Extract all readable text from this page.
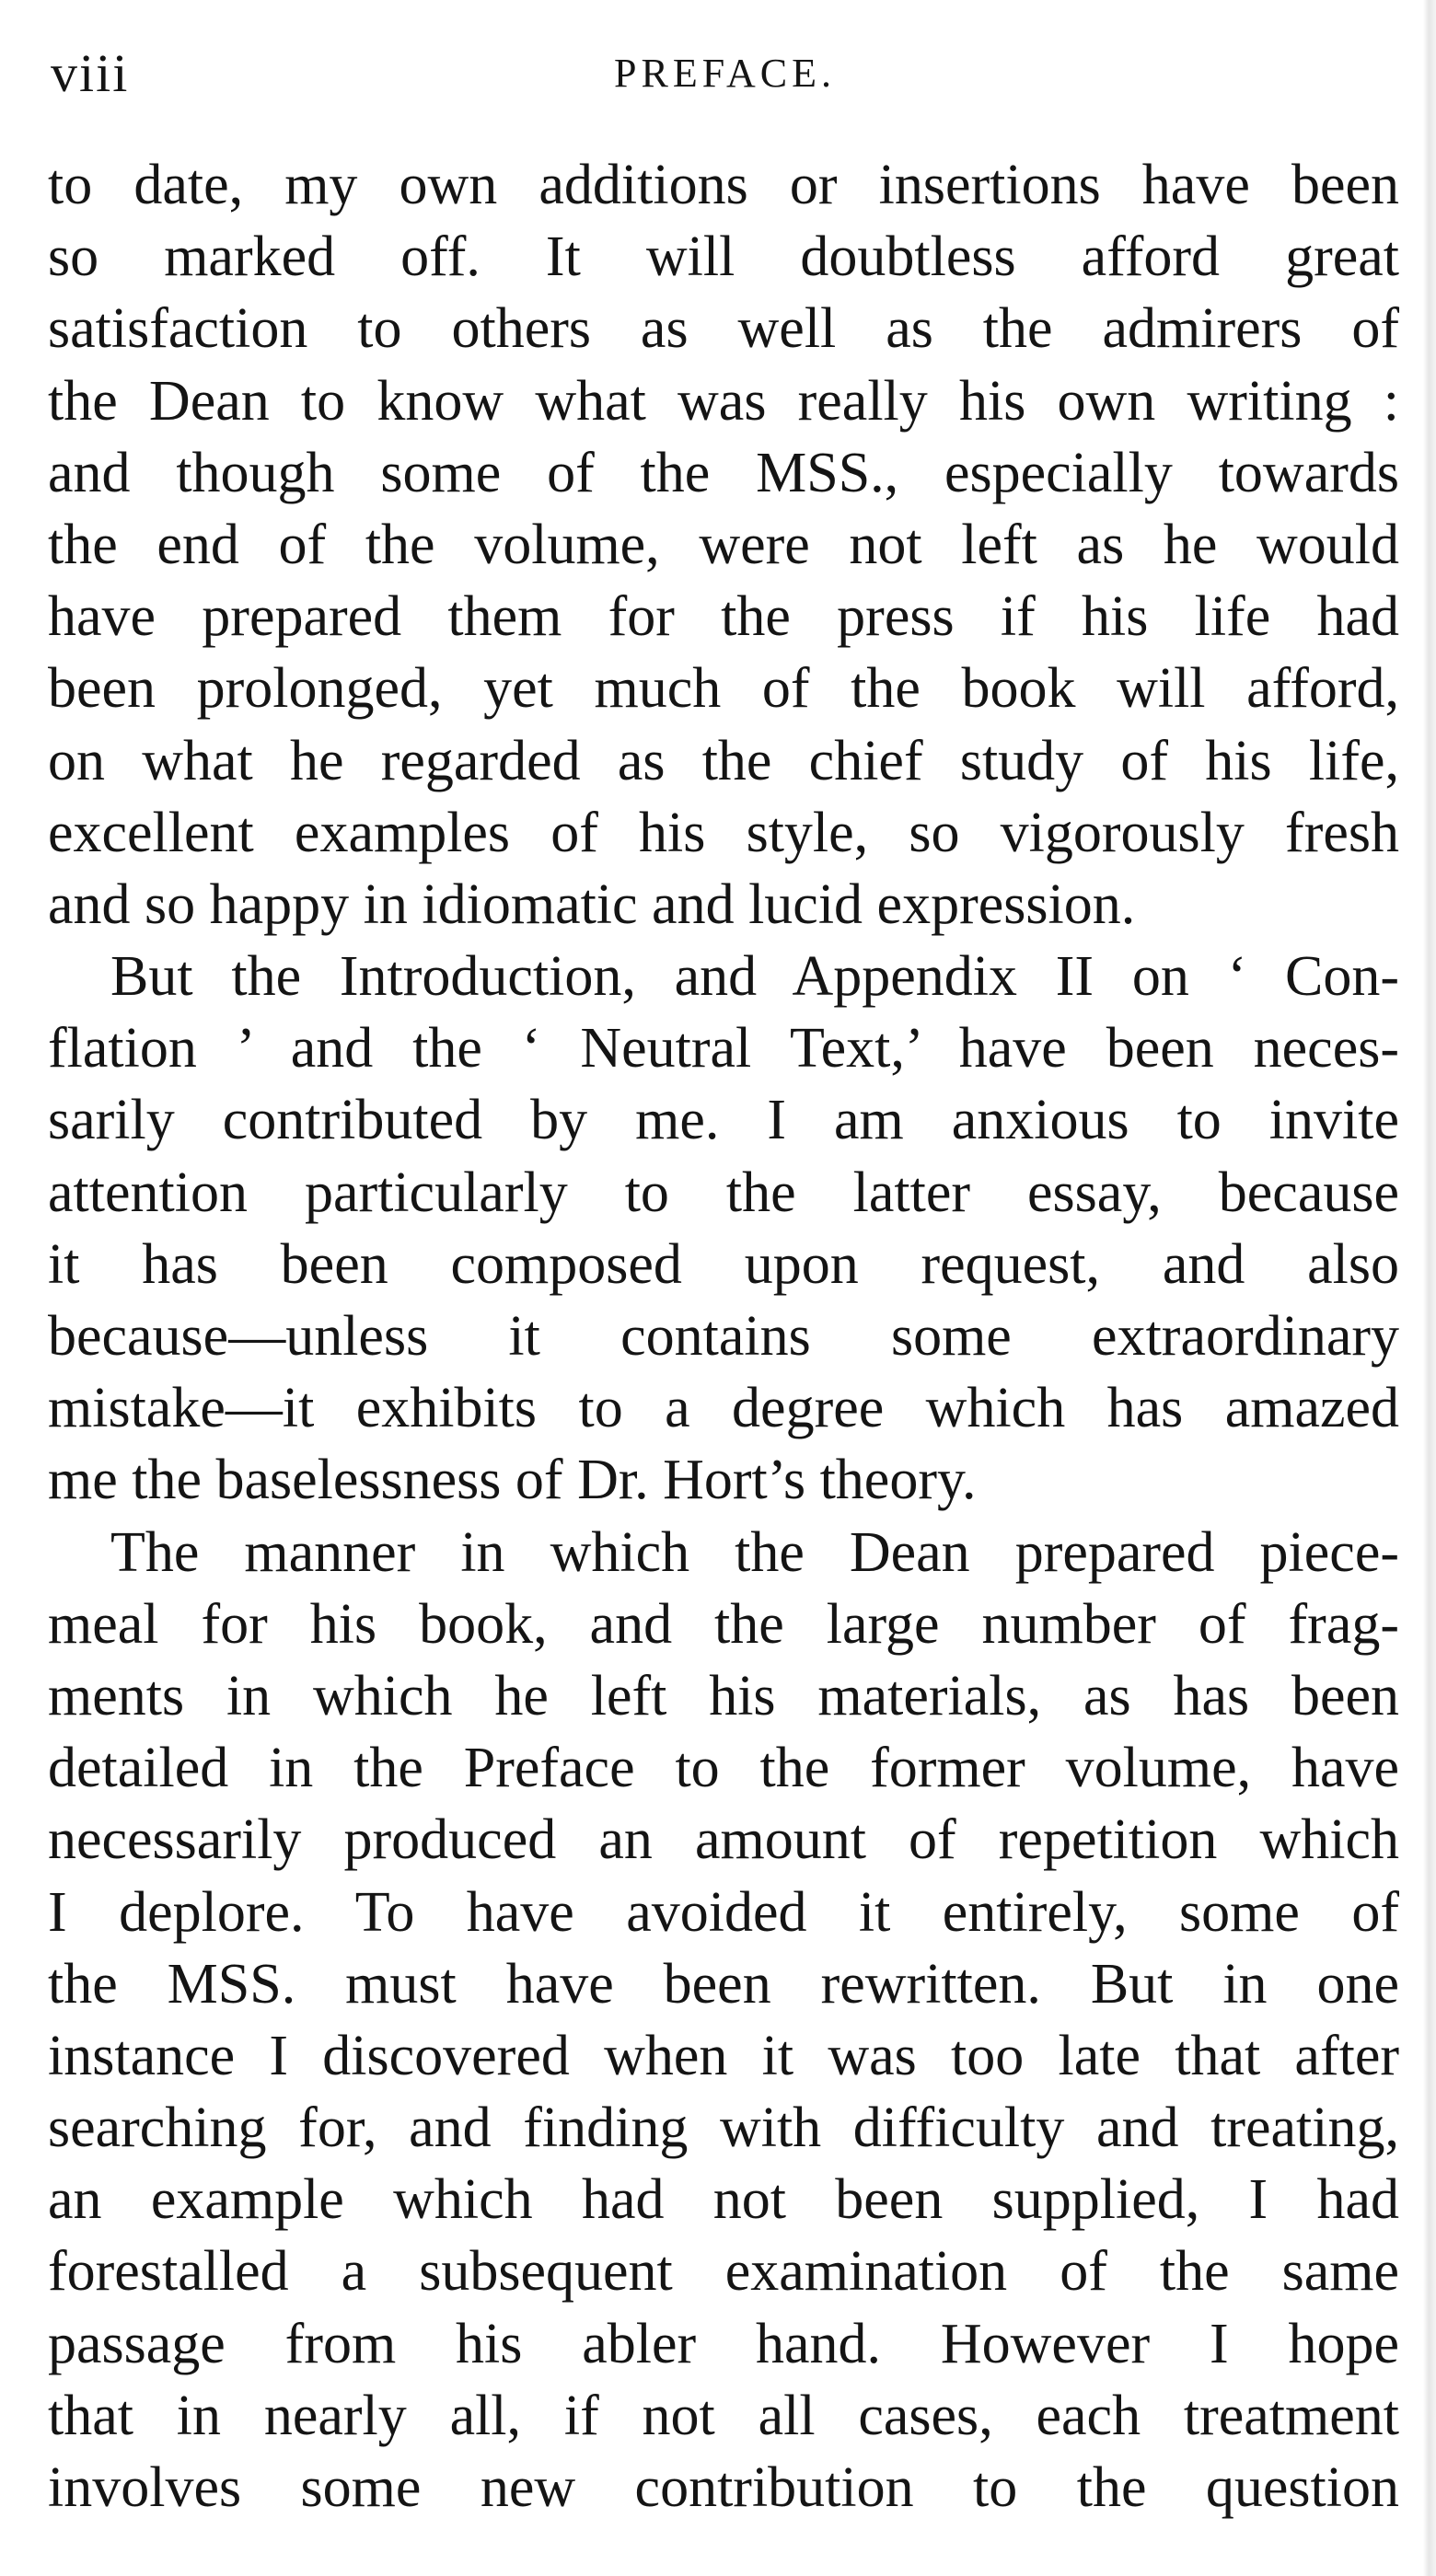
viii	PREFACE.
to date, my own additions or insertions have been
so marked off. It will doubtless afford great
satisfaction to others as well as the admirers of
the Dean to know what was really his own writing :
and though some of the MSS., especially towards
the end of the volume, were not left as he would
have prepared them for the press if his life had
been prolonged, yet much of the book will afford,
on what he regarded as the chief study of his life,
excellent examples of his style, so vigorously fresh
and so happy in idiomatic and lucid expression.
But the Introduction, and Appendix II on ‘ Con-
flation ’ and the ‘ Neutral Text,’ have been neces-
sarily contributed by me. I am anxious to invite
attention particularly to the latter essay, because
it has been composed upon request, and also
because—unless it contains some extraordinary
mistake—it exhibits to a degree which has amazed
me the baselessness of Dr. Hort’s theory.
The manner in which the Dean prepared piece-
meal for his book, and the large number of frag-
ments in which he left his materials, as has been
detailed in the Preface to the former volume, have
necessarily produced an amount of repetition which
I deplore. To have avoided it entirely, some of
the MSS. must have been rewritten. But in one
instance I discovered when it was too late that after
searching for, and finding with difficulty and treating,
an example which had not been supplied, I had
forestalled a subsequent examination of the same
passage from his abler hand. However I hope
that in nearly all, if not all cases, each treatment
involves some new contribution to the question
